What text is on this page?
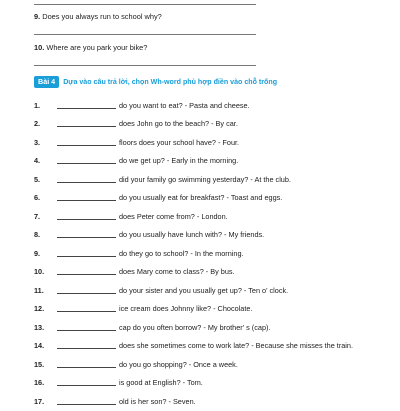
9. Does you always run to school why?
10. Where are you park your bike?
Bài 4	Dựa vào câu trả lời, chọn Wh-word phù hợp điền vào chỗ trống
1.	do you want to eat? - Pasta and cheese.
2.	does John go to the beach? - By car.
3.	floors does your school have? - Four.
4.	do we get up? - Early in the morning.
5.	did your family go swimming yesterday? - At the club.
6.	do you usually eat for breakfast? - Toast and eggs.
7.	does Peter come from? - London.
8.	do you usually have lunch with? - My friends.
9.	do they go to school? - In the morning.
10.	does Mary come to class? - By bus.
11.	do your sister and you usually get up? - Ten o' clock.
12.	ice cream does Johnny like? - Chocolate.
13.	cap do you often borrow? - My brother' s (cap).
14.	does she sometimes come to work late? - Because she misses the train.
15.	do you go shopping? - Once a week.
16.	is good at English? - Tom.
17.	old is her son? - Seven.
